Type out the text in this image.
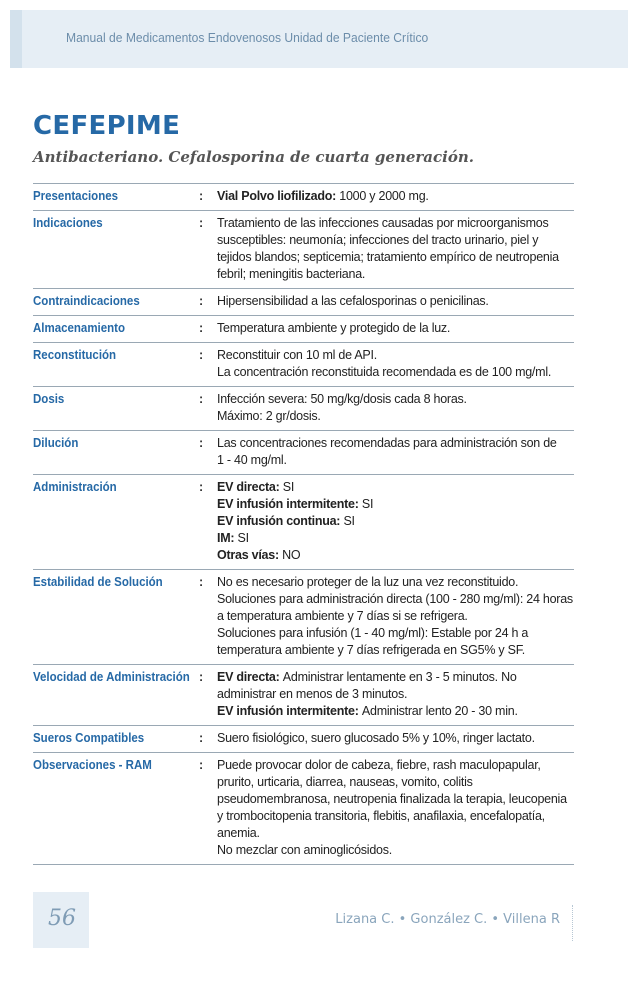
Manual de Medicamentos Endovenosos Unidad de Paciente Crítico
CEFEPIME
Antibacteriano. Cefalosporina de cuarta generación.
Presentaciones	:	Vial Polvo liofilizado: 1000 y 2000 mg.
Indicaciones	:	Tratamiento de las infecciones causadas por microorganismos
susceptibles: neumonía; infecciones del tracto urinario, piel y
tejidos blandos; septicemia; tratamiento empírico de neutropenia
febril; meningitis bacteriana.
Contraindicaciones	:	Hipersensibilidad a las cefalosporinas o penicilinas.
Almacenamiento	:	Temperatura ambiente y protegido de la luz.
Reconstitución	:	Reconstituir con 10 ml de API.
La concentración reconstituida recomendada es de 100 mg/ml.
Dosis	:	Infección severa: 50 mg/kg/dosis cada 8 horas.
Máximo: 2 gr/dosis.
Dilución	:	Las concentraciones recomendadas para administración son de
1 - 40 mg/ml.
Administración	:	EV directa: SI
EV infusión intermitente: SI
EV infusión continua: SI
IM: SI
Otras vías: NO
Estabilidad de Solución	:	No es necesario proteger de la luz una vez reconstituido.
Soluciones para administración directa (100 - 280 mg/ml): 24 horas
a temperatura ambiente y 7 días si se refrigera.
Soluciones para infusión (1 - 40 mg/ml): Estable por 24 h a
temperatura ambiente y 7 días refrigerada en SG5% y SF.
Velocidad de Administración :	EV directa: Administrar lentamente en 3 - 5 minutos. No
administrar en menos de 3 minutos.
EV infusión intermitente: Administrar lento 20 - 30 min.
Sueros Compatibles	:	Suero fisiológico, suero glucosado 5% y 10%, ringer lactato.
Observaciones - RAM	:	Puede provocar dolor de cabeza, fiebre, rash maculopapular,
prurito, urticaria, diarrea, nauseas, vomito, colitis
pseudomembranosa, neutropenia finalizada la terapia, leucopenia
y trombocitopenia transitoria, flebitis, anafilaxia, encefalopatía,
anemia.
No mezclar con aminoglicósidos.
56	Lizana C. • González C. • Villena R
